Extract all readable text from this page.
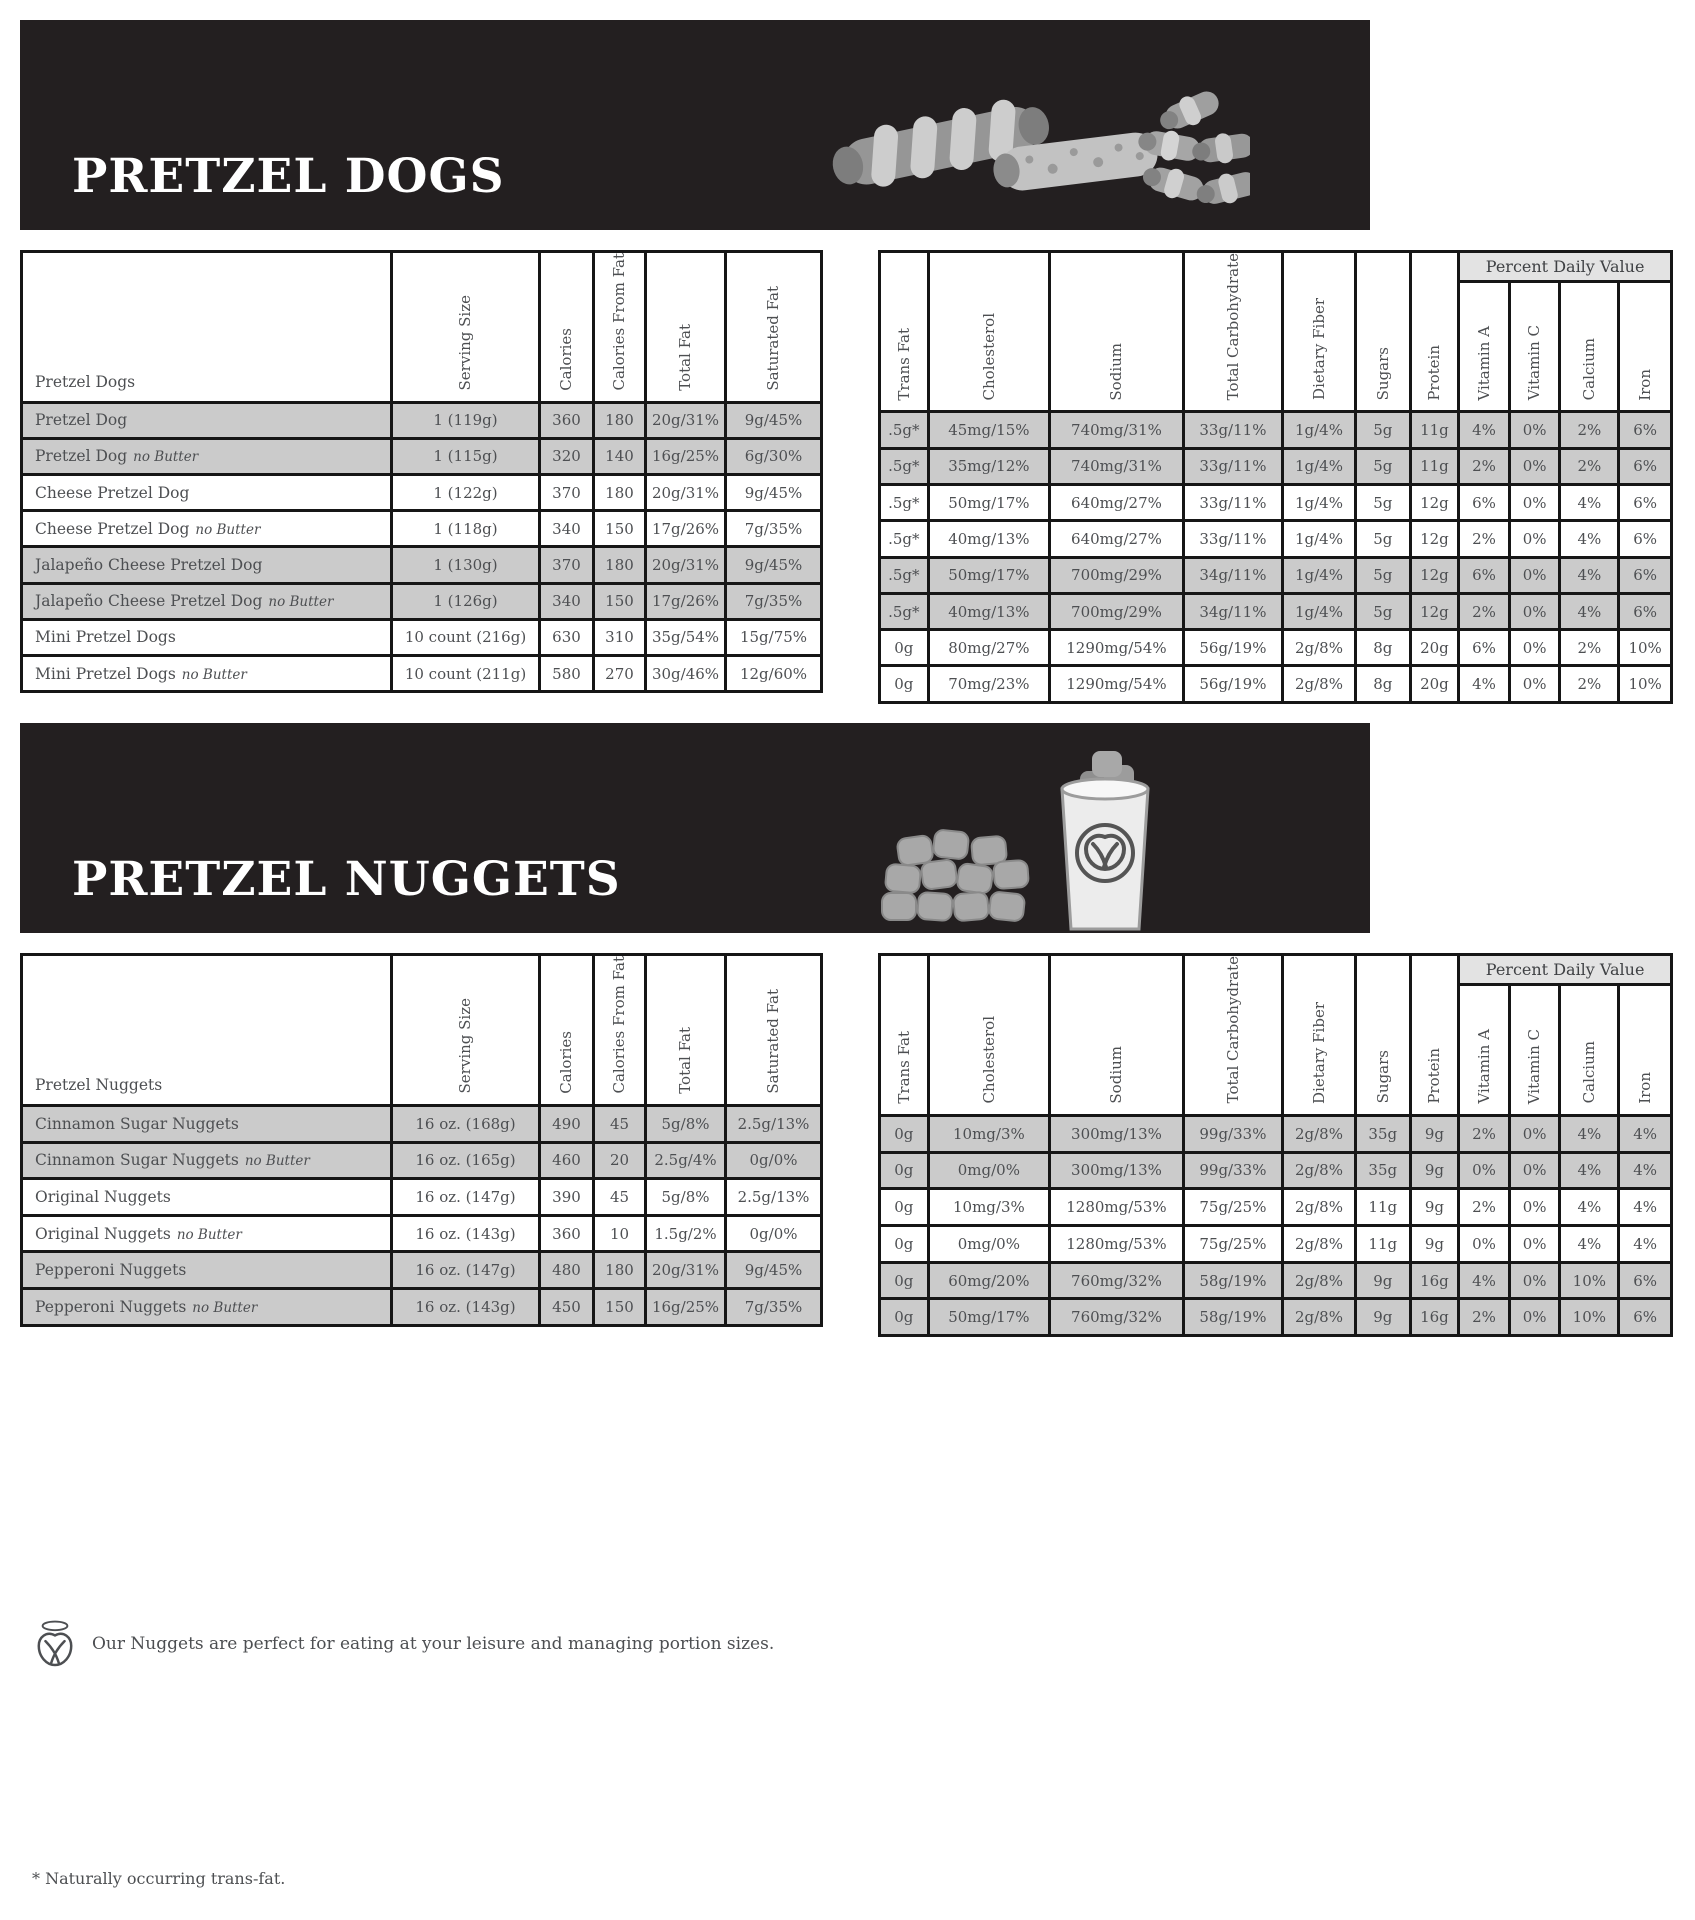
PRETZEL DOGS
Pretzel Dogs	Serving Size	Calories	Calories From Fat	Total Fat	Saturated Fat

Pretzel Dog	1 (119g)	360	180	20g/31%	9g/45%
Pretzel Dog no Butter	1 (115g)	320	140	16g/25%	6g/30%
Cheese Pretzel Dog	1 (122g)	370	180	20g/31%	9g/45%
Cheese Pretzel Dog no Butter	1 (118g)	340	150	17g/26%	7g/35%
Jalapeño Cheese Pretzel Dog	1 (130g)	370	180	20g/31%	9g/45%
Jalapeño Cheese Pretzel Dog no Butter	1 (126g)	340	150	17g/26%	7g/35%
Mini Pretzel Dogs	10 count (216g)	630	310	35g/54%	15g/75%
Mini Pretzel Dogs no Butter	10 count (211g)	580	270	30g/46%	12g/60%
Trans Fat	Cholesterol	Sodium	Total Carbohydrate	Dietary Fiber	Sugars	Protein	Percent Daily Value			

							Vitamin A	Vitamin C	Calcium	Iron

.5g*	45mg/15%	740mg/31%	33g/11%	1g/4%	5g	11g	4%	0%	2%	6%
.5g*	35mg/12%	740mg/31%	33g/11%	1g/4%	5g	11g	2%	0%	2%	6%
.5g*	50mg/17%	640mg/27%	33g/11%	1g/4%	5g	12g	6%	0%	4%	6%
.5g*	40mg/13%	640mg/27%	33g/11%	1g/4%	5g	12g	2%	0%	4%	6%
.5g*	50mg/17%	700mg/29%	34g/11%	1g/4%	5g	12g	6%	0%	4%	6%
.5g*	40mg/13%	700mg/29%	34g/11%	1g/4%	5g	12g	2%	0%	4%	6%
0g	80mg/27%	1290mg/54%	56g/19%	2g/8%	8g	20g	6%	0%	2%	10%
0g	70mg/23%	1290mg/54%	56g/19%	2g/8%	8g	20g	4%	0%	2%	10%
PRETZEL NUGGETS
Pretzel Nuggets	Serving Size	Calories	Calories From Fat	Total Fat	Saturated Fat

Cinnamon Sugar Nuggets	16 oz. (168g)	490	45	5g/8%	2.5g/13%
Cinnamon Sugar Nuggets no Butter	16 oz. (165g)	460	20	2.5g/4%	0g/0%
Original Nuggets	16 oz. (147g)	390	45	5g/8%	2.5g/13%
Original Nuggets no Butter	16 oz. (143g)	360	10	1.5g/2%	0g/0%
Pepperoni Nuggets	16 oz. (147g)	480	180	20g/31%	9g/45%
Pepperoni Nuggets no Butter	16 oz. (143g)	450	150	16g/25%	7g/35%
Trans Fat	Cholesterol	Sodium	Total Carbohydrate	Dietary Fiber	Sugars	Protein	Percent Daily Value			

							Vitamin A	Vitamin C	Calcium	Iron

0g	10mg/3%	300mg/13%	99g/33%	2g/8%	35g	9g	2%	0%	4%	4%
0g	0mg/0%	300mg/13%	99g/33%	2g/8%	35g	9g	0%	0%	4%	4%
0g	10mg/3%	1280mg/53%	75g/25%	2g/8%	11g	9g	2%	0%	4%	4%
0g	0mg/0%	1280mg/53%	75g/25%	2g/8%	11g	9g	0%	0%	4%	4%
0g	60mg/20%	760mg/32%	58g/19%	2g/8%	9g	16g	4%	0%	10%	6%
0g	50mg/17%	760mg/32%	58g/19%	2g/8%	9g	16g	2%	0%	10%	6%

Our Nuggets are perfect for eating at your leisure and managing portion sizes.

* Naturally occurring trans-fat.
